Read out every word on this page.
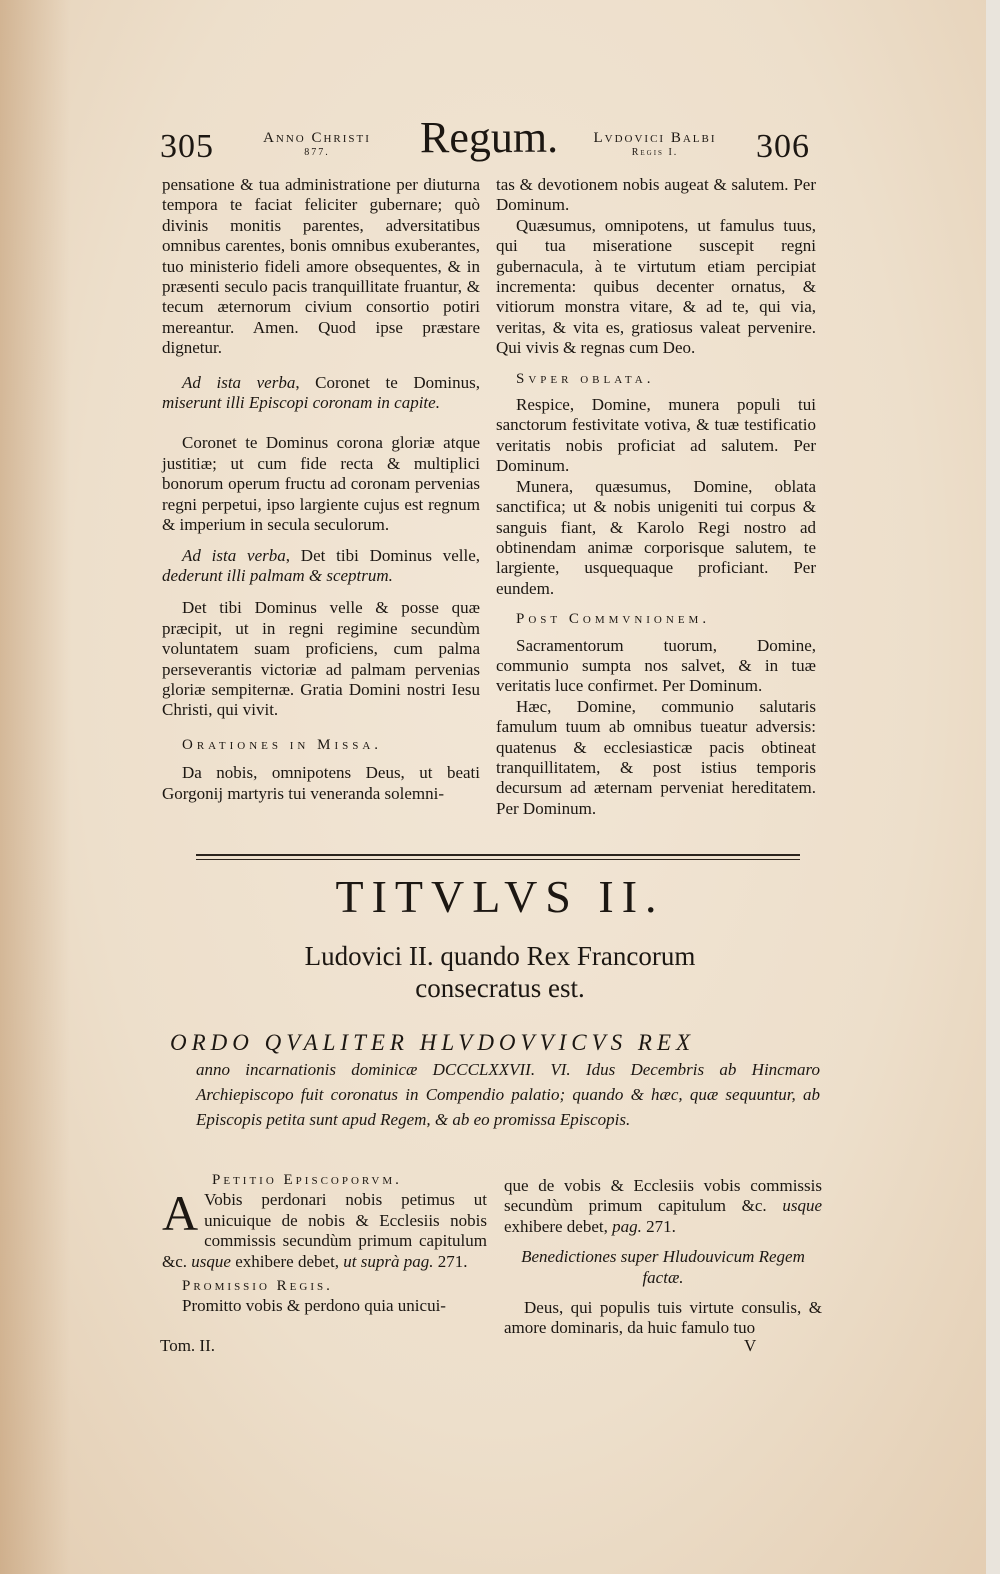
305	Anno Christi
877.	Regum.	Lvdovici Balbi
Regis I.	306

pensatione & tua administratione per diuturna tempora te faciat feliciter gubernare; quò divinis monitis parentes, adversitatibus omnibus carentes, bonis omnibus exuberantes, tuo ministerio fideli amore obsequentes, & in præsenti seculo pacis tranquillitate fruantur, & tecum æternorum civium consortio potiri mereantur. Amen. Quod ipse præstare dignetur.

Ad ista verba, Coronet te Dominus, miserunt illi Episcopi coronam in capite.

Coronet te Dominus corona gloriæ atque justitiæ; ut cum fide recta & multiplici bonorum operum fructu ad coronam pervenias regni perpetui, ipso largiente cujus est regnum & imperium in secula seculorum.

Ad ista verba, Det tibi Dominus velle, dederunt illi palmam & sceptrum.

Det tibi Dominus velle & posse quæ præcipit, ut in regni regimine secundùm voluntatem suam proficiens, cum palma perseverantis victoriæ ad palmam pervenias gloriæ sempiternæ. Gratia Domini nostri Iesu Christi, qui vivit.

Orationes in Missa.

Da nobis, omnipotens Deus, ut beati Gorgonij martyris tui veneranda solemni-

tas & devotionem nobis augeat & salutem. Per Dominum.

Quæsumus, omnipotens, ut famulus tuus, qui tua miseratione suscepit regni gubernacula, à te virtutum etiam percipiat incrementa: quibus decenter ornatus, & vitiorum monstra vitare, & ad te, qui via, veritas, & vita es, gratiosus valeat pervenire. Qui vivis & regnas cum Deo.

Svper oblata.

Respice, Domine, munera populi tui sanctorum festivitate votiva, & tuæ testificatio veritatis nobis proficiat ad salutem. Per Dominum.

Munera, quæsumus, Domine, oblata sanctifica; ut & nobis unigeniti tui corpus & sanguis fiant, & Karolo Regi nostro ad obtinendam animæ corporisque salutem, te largiente, usquequaque proficiant. Per eundem.

Post Commvnionem.

Sacramentorum tuorum, Domine, communio sumpta nos salvet, & in tuæ veritatis luce confirmet. Per Dominum.

Hæc, Domine, communio salutaris famulum tuum ab omnibus tueatur adversis: quatenus & ecclesiasticæ pacis obtineat tranquillitatem, & post istius temporis decursum ad æternam perveniat hereditatem. Per Dominum.

TITVLVS II.
Ludovici II. quando Rex Francorum
consecratus est.
ORDO QVALITER HLVDOVVICVS REX
anno incarnationis dominicæ DCCCLXXVII. VI. Idus Decembris ab Hincmaro Archiepiscopo fuit coronatus in Compendio palatio; quando & hæc, quæ sequuntur, ab Episcopis petita sunt apud Regem, & ab eo promissa Episcopis.

Petitio Episcoporvm.

A Vobis perdonari nobis petimus ut unicuique de nobis & Ecclesiis nobis commissis secundùm primum capitulum &c. usque exhibere debet, ut suprà pag. 271.

Promissio Regis.

Promitto vobis & perdono quia unicui-

que de vobis & Ecclesiis vobis commissis secundùm primum capitulum &c. usque exhibere debet, pag. 271.

Benedictiones super Hludouvicum Regem factæ.

Deus, qui populis tuis virtute consulis, & amore dominaris, da huic famulo tuo

Tom. II.	V
